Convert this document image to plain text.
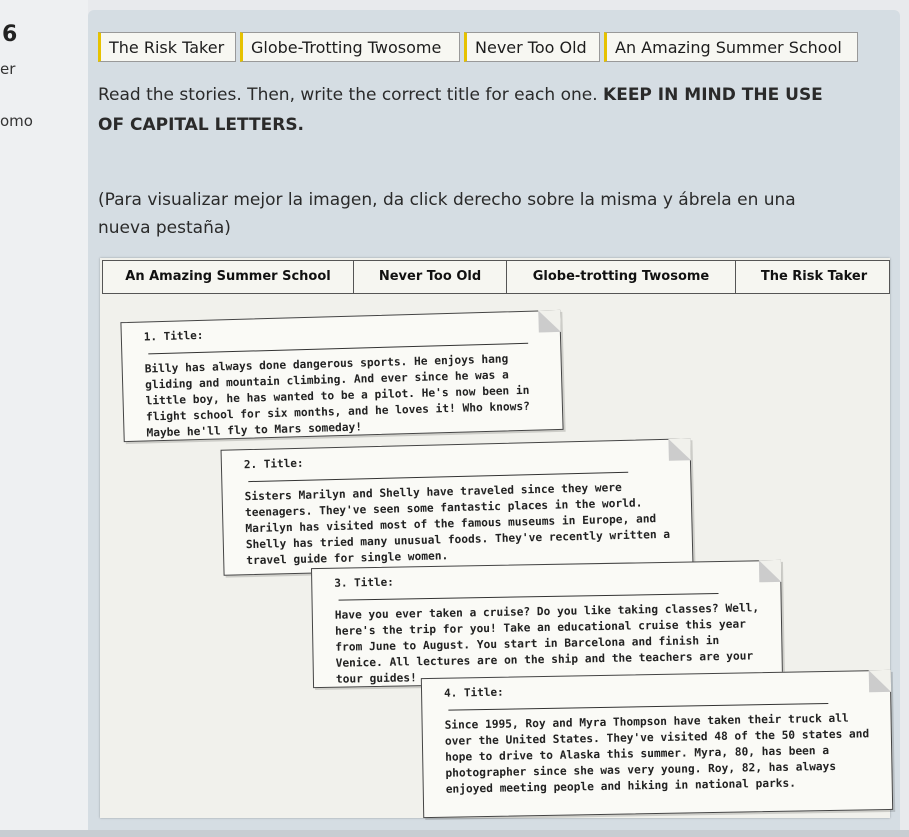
6
er
omo
The Risk Taker	Globe-Trotting Twosome	Never Too Old	An Amazing Summer School

Read the stories. Then, write the correct title for each one. KEEP IN MIND THE USE OF CAPITAL LETTERS.

(Para visualizar mejor la imagen, da click derecho sobre la misma y ábrela en una nueva pestaña)

An Amazing Summer School	Never Too Old	Globe-trotting Twosome	The Risk Taker

1. Title:

Billy has always done dangerous sports. He enjoys hang gliding and mountain climbing. And ever since he was a little boy, he has wanted to be a pilot. He's now been in flight school for six months, and he loves it! Who knows? Maybe he'll fly to Mars someday!

2. Title:

Sisters Marilyn and Shelly have traveled since they were teenagers. They've seen some fantastic places in the world. Marilyn has visited most of the famous museums in Europe, and Shelly has tried many unusual foods. They've recently written a travel guide for single women.

3. Title:

Have you ever taken a cruise? Do you like taking classes? Well, here's the trip for you! Take an educational cruise this year from June to August. You start in Barcelona and finish in Venice. All lectures are on the ship and the teachers are your tour guides!

4. Title:

Since 1995, Roy and Myra Thompson have taken their truck all over the United States. They've visited 48 of the 50 states and hope to drive to Alaska this summer. Myra, 80, has been a photographer since she was very young. Roy, 82, has always enjoyed meeting people and hiking in national parks.
